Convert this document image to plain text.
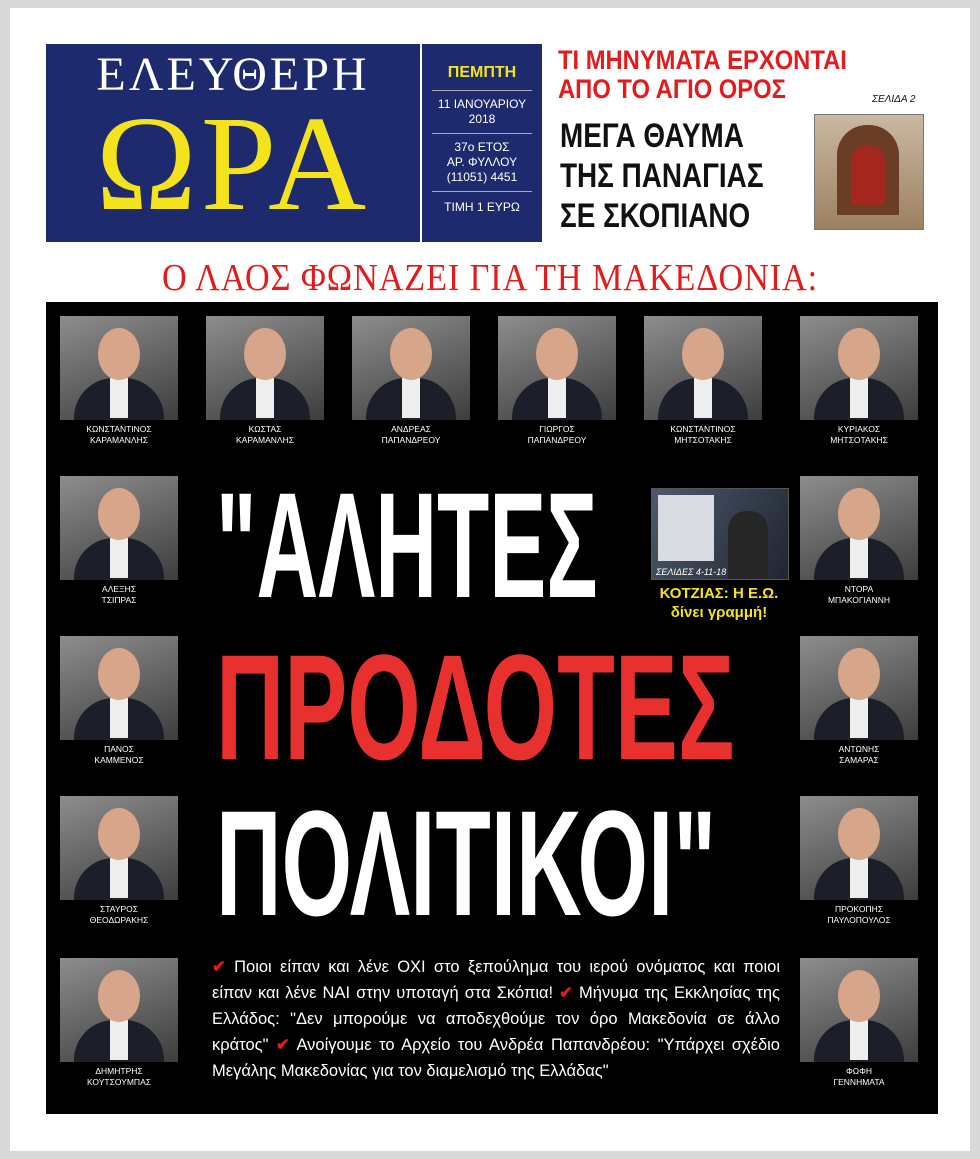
ΕΛΕΥΘΕΡΗ
ΩΡΑ
ΠΕΜΠΤΗ
11 ΙΑΝΟΥΑΡΙΟΥ
2018
37ο ΕΤΟΣ
ΑΡ. ΦΥΛΛΟΥ
(11051) 4451
ΤΙΜΗ 1 ΕΥΡΩ
ΤΙ ΜΗΝΥΜΑΤΑ ΕΡΧΟΝΤΑΙ
ΑΠΟ ΤΟ ΑΓΙΟ ΟΡΟΣ	ΣΕΛΙΔΑ 2
ΜΕΓΑ ΘΑΥΜΑ
ΤΗΣ ΠΑΝΑΓΙΑΣ
ΣΕ ΣΚΟΠΙΑΝΟ
Ο ΛΑΟΣ ΦΩΝΑΖΕΙ ΓΙΑ ΤΗ ΜΑΚΕΔΟΝΙΑ:
ΚΩΝΣΤΑΝΤΙΝΟΣ
ΚΑΡΑΜΑΝΛΗΣ
ΚΩΣΤΑΣ
ΚΑΡΑΜΑΝΛΗΣ
ΑΝΔΡΕΑΣ
ΠΑΠΑΝΔΡΕΟΥ
ΓΙΩΡΓΟΣ
ΠΑΠΑΝΔΡΕΟΥ
ΚΩΝΣΤΑΝΤΙΝΟΣ
ΜΗΤΣΟΤΑΚΗΣ
ΚΥΡΙΑΚΟΣ
ΜΗΤΣΟΤΑΚΗΣ
ΑΛΕΞΗΣ
ΤΣΙΠΡΑΣ
ΠΑΝΟΣ
ΚΑΜΜΕΝΟΣ
ΣΤΑΥΡΟΣ
ΘΕΟΔΩΡΑΚΗΣ
ΔΗΜΗΤΡΗΣ
ΚΟΥΤΣΟΥΜΠΑΣ
ΝΤΟΡΑ
ΜΠΑΚΟΓΙΑΝΝΗ
ΑΝΤΩΝΗΣ
ΣΑΜΑΡΑΣ
ΠΡΟΚΟΠΗΣ
ΠΑΥΛΟΠΟΥΛΟΣ
ΦΩΦΗ
ΓΕΝΝΗΜΑΤΑ
"ΑΛΗΤΕΣ
ΠΡΟΔΟΤΕΣ
ΠΟΛΙΤΙΚΟΙ"
ΣΕΛΙΔΕΣ 4-11-18
ΚΟΤΖΙΑΣ: Η Ε.Ω.
δίνει γραμμή!
✔ Ποιοι είπαν και λένε ΟΧΙ στο ξεπούλημα του ιερού ονόματος και ποιοι είπαν και λένε ΝΑΙ στην υποταγή στα Σκόπια! ✔ Μήνυμα της Εκκλησίας της Ελλάδος: "Δεν μπορούμε να αποδεχθούμε τον όρο Μακεδονία σε άλλο κράτος" ✔ Ανοίγουμε το Αρχείο του Ανδρέα Παπανδρέου: "Υπάρχει σχέδιο Μεγάλης Μακεδονίας για τον διαμελισμό της Ελλάδας"
